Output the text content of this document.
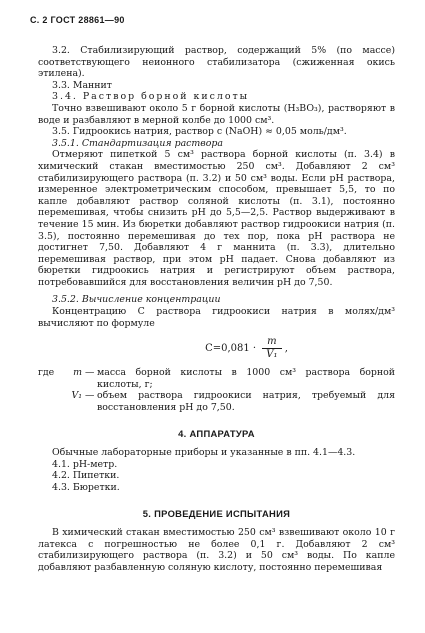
С. 2 ГОСТ 28861—90

3.2. Стабилизирующий раствор, содержащий 5% (по массе) соответствующего неионного стабилизатора (сжиженная окись этилена).

3.3. Маннит

3.4. Раствор борной кислоты

Точно взвешивают около 5 г борной кислоты (H₃BO₃), растворяют в воде и разбавляют в мерной колбе до 1000 см³.

3.5. Гидроокись натрия, раствор c (NaOH) ≈ 0,05 моль/дм³.

3.5.1. Стандартизация раствора

Отмеряют пипеткой 5 см³ раствора борной кислоты (п. 3.4) в химический стакан вместимостью 250 см³. Добавляют 2 см³ стабилизирующего раствора (п. 3.2) и 50 см³ воды. Если pH раствора, измеренное электрометрическим способом, превышает 5,5, то по капле добавляют раствор соляной кислоты (п. 3.1), постоянно перемешивая, чтобы снизить pH до 5,5—2,5. Раствор выдерживают в течение 15 мин. Из бюретки добавляют раствор гидроокиси натрия (п. 3.5), постоянно перемешивая до тех пор, пока pH раствора не достигнет 7,50. Добавляют 4 г маннита (п. 3.3), длительно перемешивая раствор, при этом pH падает. Снова добавляют из бюретки гидроокись натрия и регистрируют объем раствора, потребовавшийся для восстановления величин pH до 7,50.

3.5.2. Вычисление концентрации

Концентрацию C раствора гидроокиси натрия в молях/дм³ вычисляют по формуле

$C=0,081 \cdot \frac{m}{\text{V₁}}$ ,
где	m	—	масса борной кислоты в 1000 см³ раствора борной кислоты, г;
	V₁	—	объем раствора гидроокиси натрия, требуемый для восстановления pH до 7,50.
4. АППАРАТУРА

Обычные лабораторные приборы и указанные в пп. 4.1—4.3.

4.1. pH-метр.

4.2. Пипетки.

4.3. Бюретки.

5. ПРОВЕДЕНИЕ ИСПЫТАНИЯ

В химический стакан вместимостью 250 см³ взвешивают около 10 г латекса с погрешностью не более 0,1 г. Добавляют 2 см³ стабилизирующего раствора (п. 3.2) и 50 см³ воды. По капле добавляют разбавленную соляную кислоту, постоянно перемешивая
